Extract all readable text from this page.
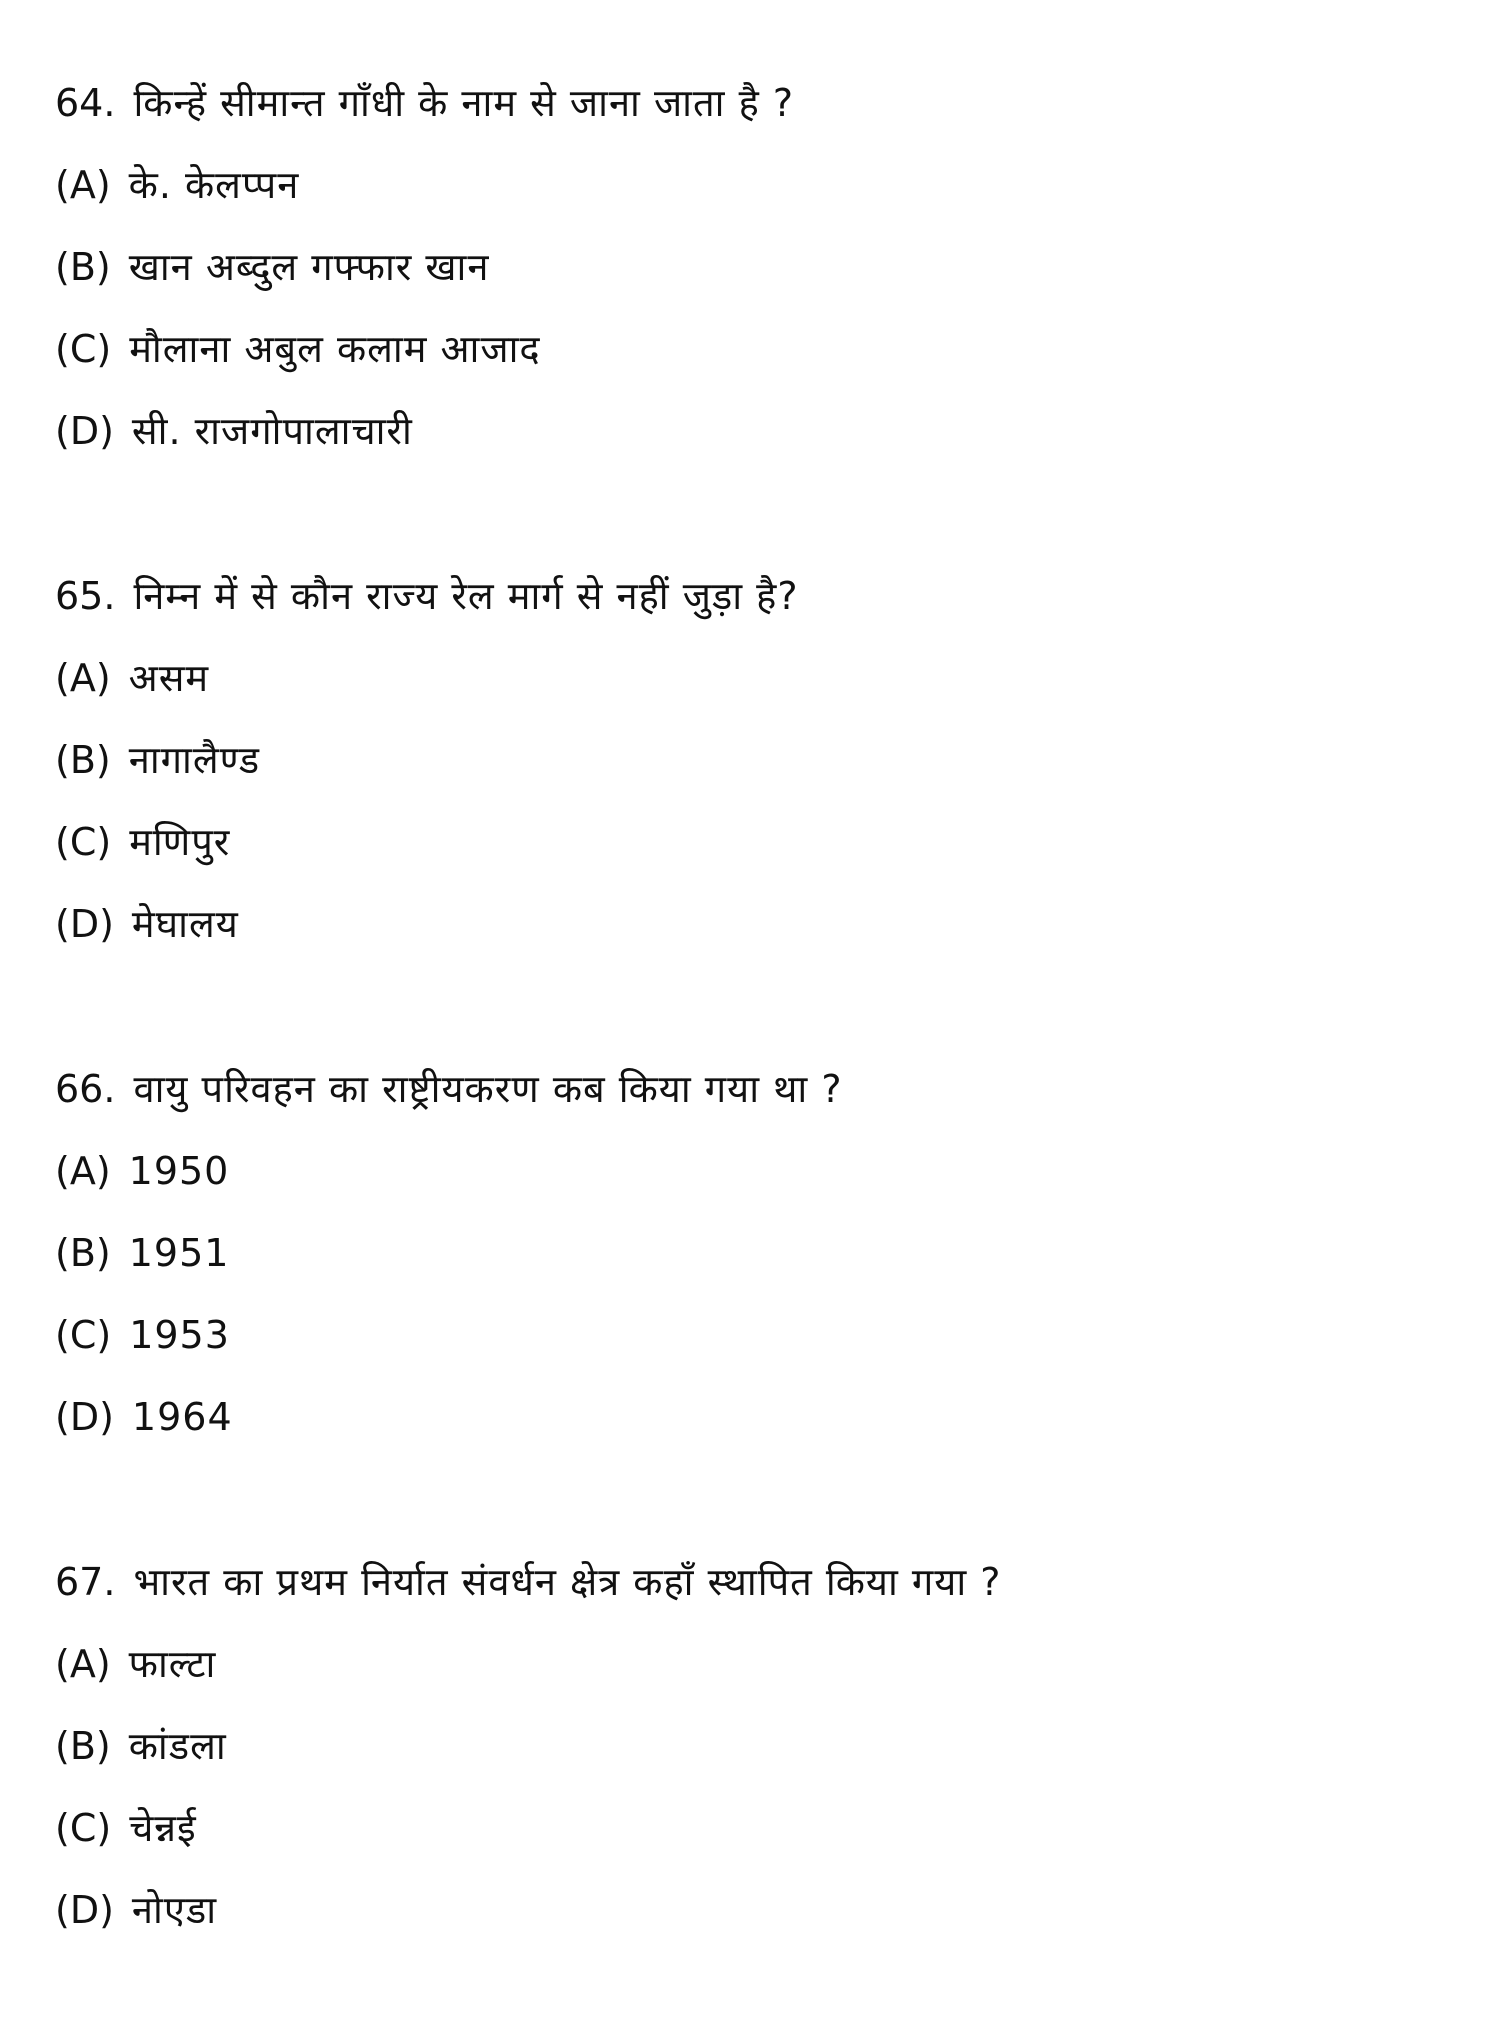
64. किन्हें सीमान्त गाँधी के नाम से जाना जाता है ?
(A) के. केलप्पन
(B) खान अब्दुल गफ्फार खान
(C) मौलाना अबुल कलाम आजाद
(D) सी. राजगोपालाचारी
65. निम्न में से कौन राज्य रेल मार्ग से नहीं जुड़ा है?
(A) असम
(B) नागालैण्ड
(C) मणिपुर
(D) मेघालय
66. वायु परिवहन का राष्ट्रीयकरण कब किया गया था ?
(A) 1950
(B) 1951
(C) 1953
(D) 1964
67. भारत का प्रथम निर्यात संवर्धन क्षेत्र कहाँ स्थापित किया गया ?
(A) फाल्टा
(B) कांडला
(C) चेन्नई
(D) नोएडा
